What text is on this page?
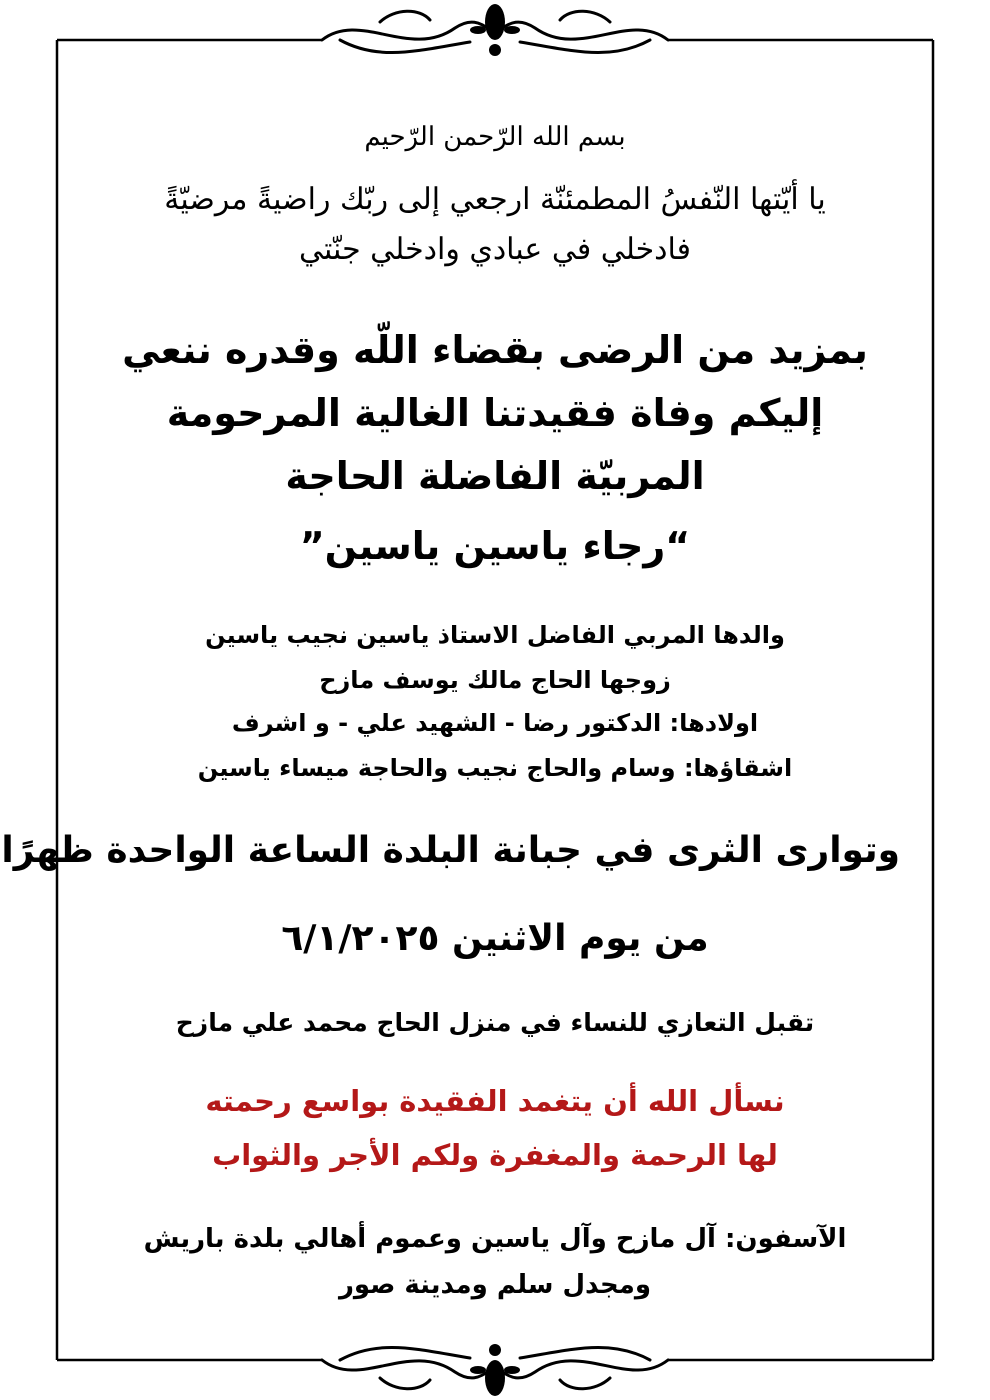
بسم الله الرّحمن الرّحيم
يا أيّتها النّفسُ المطمئنّة ارجعي إلى ربّك راضيةً مرضيّةً
فادخلي في عبادي وادخلي جنّتي
بمزيد من الرضى بقضاء اللّه وقدره ننعي
إليكم وفاة فقيدتنا الغالية المرحومة
المربيّة الفاضلة الحاجة
“رجاء ياسين ياسين”
والدها المربي الفاضل الاستاذ ياسين نجيب ياسين
زوجها الحاج مالك يوسف مازح
اولادها: الدكتور رضا - الشهيد علي - و اشرف
اشقاؤها: وسام والحاج نجيب والحاجة ميساء ياسين
وتوارى الثرى في جبانة البلدة الساعة الواحدة ظهرًا
من يوم الاثنين ٦/١/٢٠٢٥
تقبل التعازي للنساء في منزل الحاج محمد علي مازح
نسأل الله أن يتغمد الفقيدة بواسع رحمته
لها الرحمة والمغفرة ولكم الأجر والثواب
الآسفون: آل مازح وآل ياسين وعموم أهالي بلدة باريش
ومجدل سلم ومدينة صور
